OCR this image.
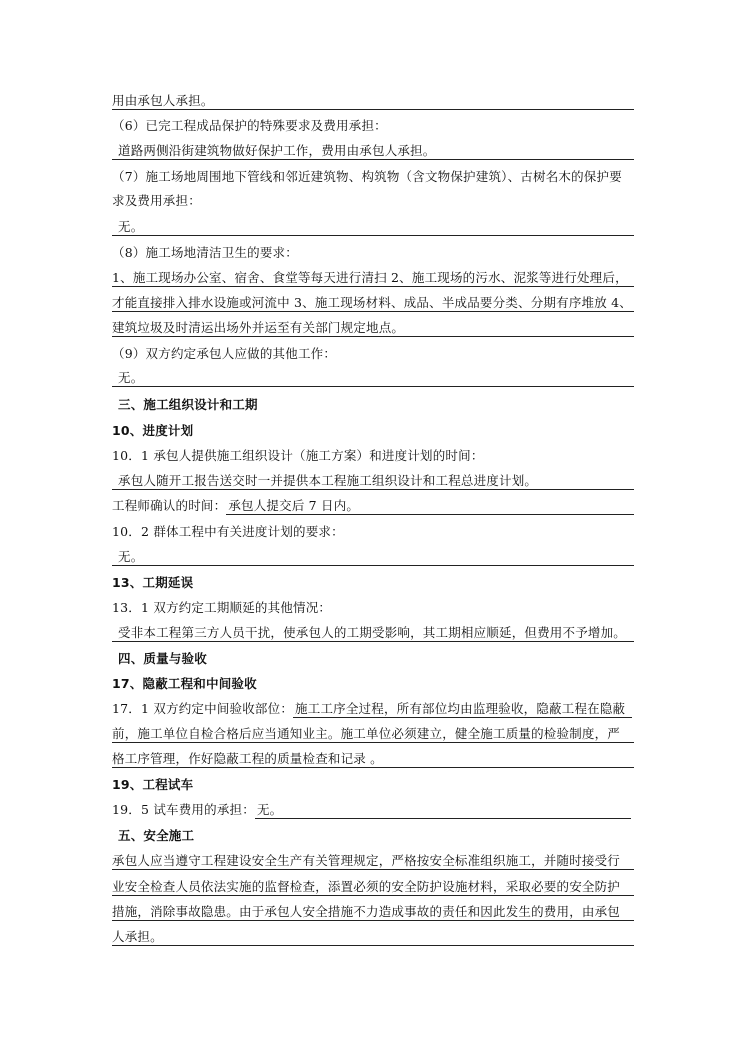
用由承包人承担。
（6）已完工程成品保护的特殊要求及费用承担：
道路两侧沿街建筑物做好保护工作，费用由承包人承担。
（7）施工场地周围地下管线和邻近建筑物、构筑物（含文物保护建筑）、古树名木的保护要
求及费用承担：
无。
（8）施工场地清洁卫生的要求：
1、施工现场办公室、宿舍、食堂等每天进行清扫 2、施工现场的污水、泥浆等进行处理后，
才能直接排入排水设施或河流中 3、施工现场材料、成品、半成品要分类、分期有序堆放 4、
建筑垃圾及时清运出场外并运至有关部门规定地点。
（9）双方约定承包人应做的其他工作：
无。
三、施工组织设计和工期
10、进度计划
10．1 承包人提供施工组织设计（施工方案）和进度计划的时间：
承包人随开工报告送交时一并提供本工程施工组织设计和工程总进度计划。
工程师确认的时间： 承包人提交后 7 日内。
10．2 群体工程中有关进度计划的要求：
无。
13、工期延误
13．1 双方约定工期顺延的其他情况：
受非本工程第三方人员干扰，使承包人的工期受影响，其工期相应顺延，但费用不予增加。
四、质量与验收
17、隐蔽工程和中间验收
17．1 双方约定中间验收部位： 施工工序全过程，所有部位均由监理验收，隐蔽工程在隐蔽
前，施工单位自检合格后应当通知业主。施工单位必须建立，健全施工质量的检验制度，严
格工序管理，作好隐蔽工程的质量检查和记录 。
19、工程试车
19．5 试车费用的承担： 无。
五、安全施工
承包人应当遵守工程建设安全生产有关管理规定，严格按安全标准组织施工，并随时接受行
业安全检查人员依法实施的监督检查，添置必须的安全防护设施材料，采取必要的安全防护
措施，消除事故隐患。由于承包人安全措施不力造成事故的责任和因此发生的费用，由承包
人承担。
